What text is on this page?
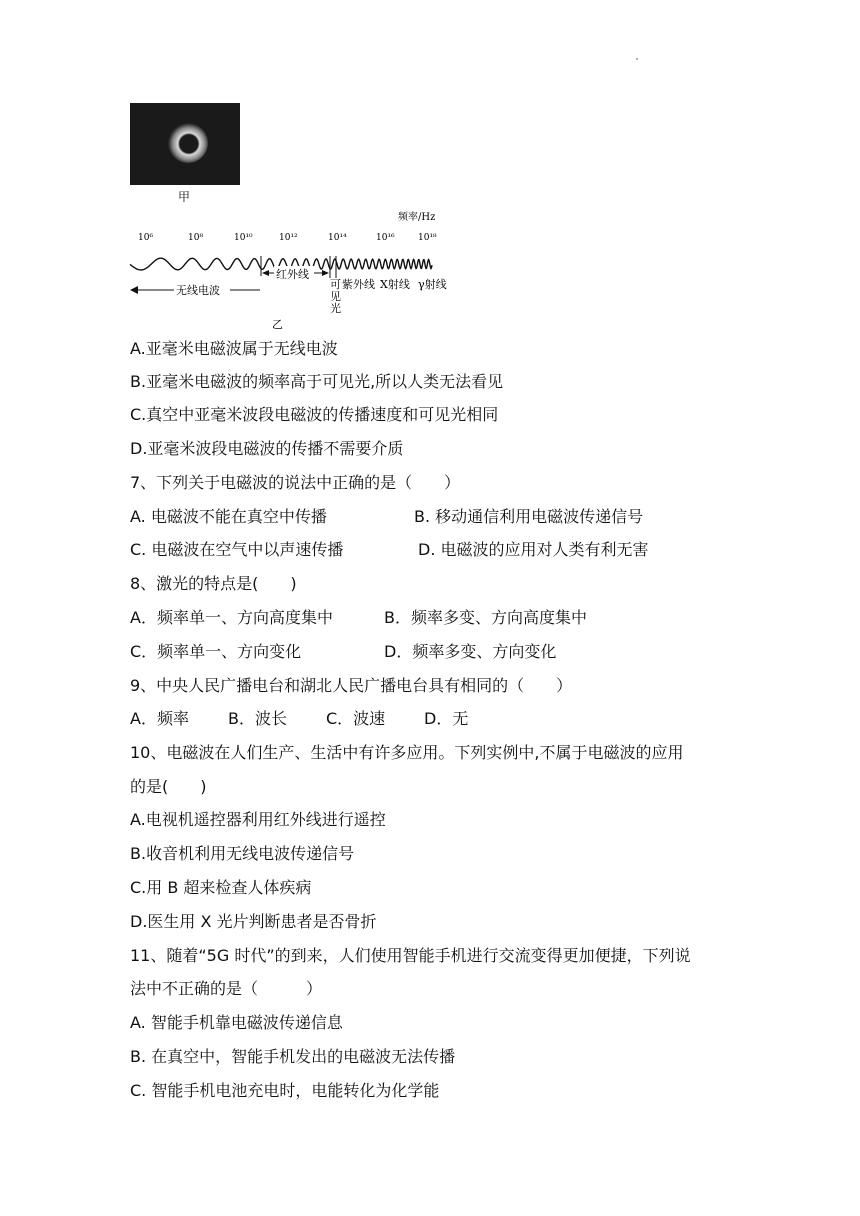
甲
频率/Hz
10⁶	10⁸	10¹⁰	10¹²	10¹⁴	10¹⁶	10¹⁸
无线电波
红外线
可
见
光
紫外线 X射线 γ射线
乙
A.亚毫米电磁波属于无线电波
B.亚毫米电磁波的频率高于可见光,所以人类无法看见
C.真空中亚毫米波段电磁波的传播速度和可见光相同
D.亚毫米波段电磁波的传播不需要介质
7、下列关于电磁波的说法中正确的是（　　）
A. 电磁波不能在真空中传播	B. 移动通信利用电磁波传递信号
C. 电磁波在空气中以声速传播	D. 电磁波的应用对人类有利无害
8、激光的特点是(　　)
A．频率单一、方向高度集中	B．频率多变、方向高度集中
C．频率单一、方向变化	D．频率多变、方向变化
9、中央人民广播电台和湖北人民广播电台具有相同的（　　）
A．频率 B．波长 C．波速 D．无
10、电磁波在人们生产、生活中有许多应用。下列实例中,不属于电磁波的应用
的是(　　)
A.电视机遥控器利用红外线进行遥控
B.收音机利用无线电波传递信号
C.用 B 超来检查人体疾病
D.医生用 X 光片判断患者是否骨折
11、随着“5G 时代”的到来，人们使用智能手机进行交流变得更加便捷，下列说
法中不正确的是（　　　）
A. 智能手机靠电磁波传递信息
B. 在真空中，智能手机发出的电磁波无法传播
C. 智能手机电池充电时，电能转化为化学能
